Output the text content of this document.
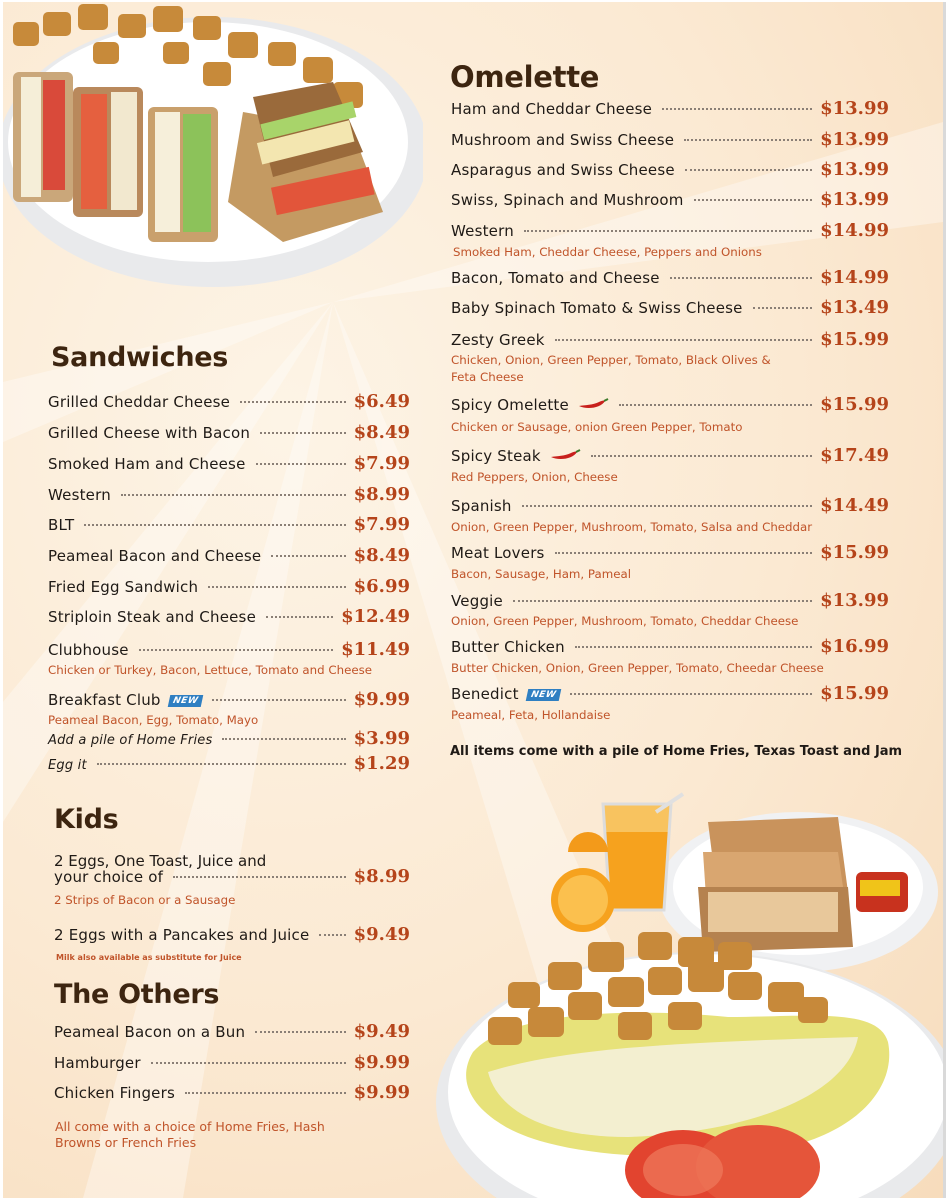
Omelette
Sandwiches
Kids
The Others
Grilled Cheddar Cheese	$6.49
Grilled Cheese with Bacon	$8.49
Smoked Ham and Cheese	$7.99
Western	$8.99
BLT	$7.99
Peameal Bacon and Cheese	$8.49
Fried Egg Sandwich	$6.99
Striploin Steak and Cheese	$12.49
Clubhouse	$11.49
Chicken or Turkey, Bacon, Lettuce, Tomato and Cheese
Breakfast Club NEW	$9.99
Peameal Bacon, Egg, Tomato, Mayo
Add a pile of Home Fries	$3.99
Egg it	$1.29
2 Eggs, One Toast, Juice and
your choice of	$8.99
2 Strips of Bacon or a Sausage
2 Eggs with a Pancakes and Juice $9.49
Milk also available as substitute for Juice
Peameal Bacon on a Bun	$9.49
Hamburger	$9.99
Chicken Fingers	$9.99
All come with a choice of Home Fries, Hash
Browns or French Fries
Ham and Cheddar Cheese	$13.99
Mushroom and Swiss Cheese	$13.99
Asparagus and Swiss Cheese	$13.99
Swiss, Spinach and Mushroom	$13.99
Western	$14.99
Smoked Ham, Cheddar Cheese, Peppers and Onions
Bacon, Tomato and Cheese	$14.99
Baby Spinach Tomato & Swiss Cheese	$13.49
Zesty Greek	$15.99
Chicken, Onion, Green Pepper, Tomato, Black Olives &
Feta Cheese
Spicy Omelette	$15.99
Chicken or Sausage, onion Green Pepper, Tomato
Spicy Steak	$17.49
Red Peppers, Onion, Cheese
Spanish	$14.49
Onion, Green Pepper, Mushroom, Tomato, Salsa and Cheddar
Meat Lovers	$15.99
Bacon, Sausage, Ham, Pameal
Veggie	$13.99
Onion, Green Pepper, Mushroom, Tomato, Cheddar Cheese
Butter Chicken	$16.99
Butter Chicken, Onion, Green Pepper, Tomato, Cheedar Cheese
Benedict NEW	$15.99
Peameal, Feta, Hollandaise
All items come with a pile of Home Fries, Texas Toast and Jam
